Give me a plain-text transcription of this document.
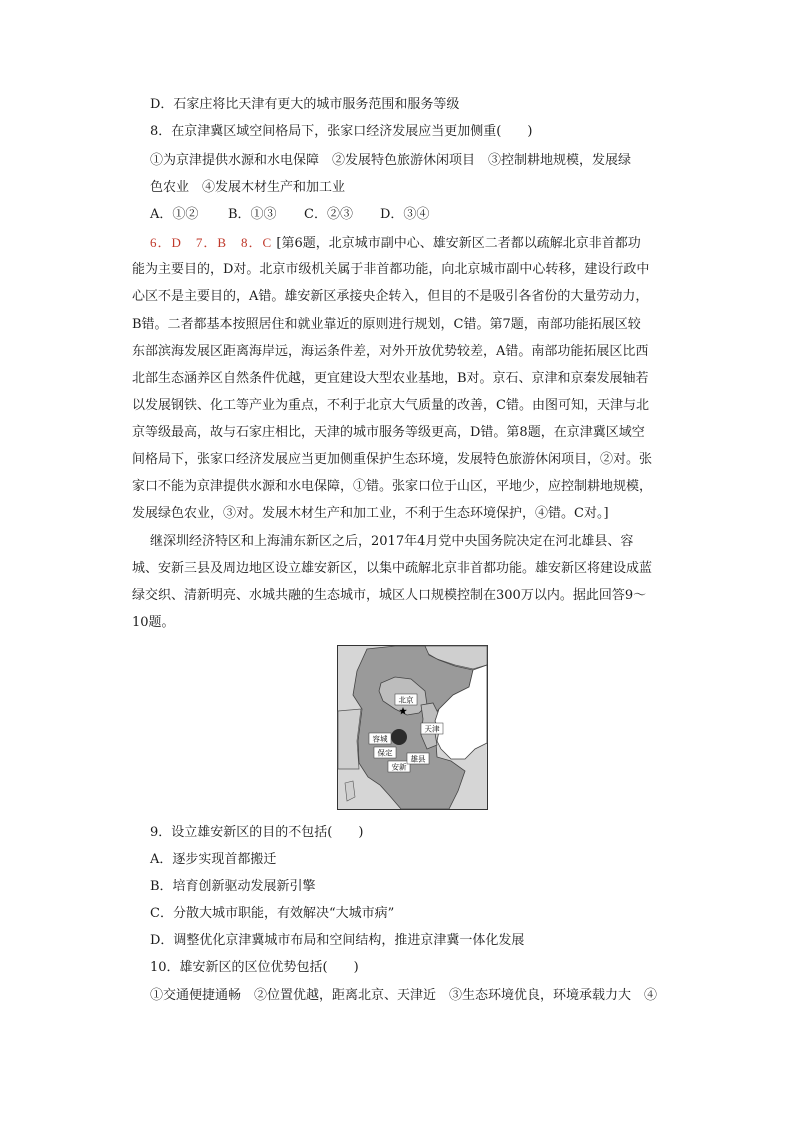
D．石家庄将比天津有更大的城市服务范围和服务等级
8．在京津冀区域空间格局下，张家口经济发展应当更加侧重(　　)
①为京津提供水源和水电保障　②发展特色旅游休闲项目　③控制耕地规模，发展绿
色农业　④发展木材生产和加工业
A．①② B．①③ C．②③ D．③④
6．D　7．B　8．C [第6题，北京城市副中心、雄安新区二者都以疏解北京非首都功
能为主要目的，D对。北京市级机关属于非首都功能，向北京城市副中心转移，建设行政中
心区不是主要目的，A错。雄安新区承接央企转入，但目的不是吸引各省份的大量劳动力，
B错。二者都基本按照居住和就业靠近的原则进行规划，C错。第7题，南部功能拓展区较
东部滨海发展区距离海岸远，海运条件差，对外开放优势较差，A错。南部功能拓展区比西
北部生态涵养区自然条件优越，更宜建设大型农业基地，B对。京石、京津和京秦发展轴若
以发展钢铁、化工等产业为重点，不利于北京大气质量的改善，C错。由图可知，天津与北
京等级最高，故与石家庄相比，天津的城市服务等级更高，D错。第8题，在京津冀区域空
间格局下，张家口经济发展应当更加侧重保护生态环境，发展特色旅游休闲项目，②对。张
家口不能为京津提供水源和水电保障，①错。张家口位于山区，平地少，应控制耕地规模，
发展绿色农业，③对。发展木材生产和加工业，不利于生态环境保护，④错。C对。]
继深圳经济特区和上海浦东新区之后，2017年4月党中央国务院决定在河北雄县、容
城、安新三县及周边地区设立雄安新区，以集中疏解北京非首都功能。雄安新区将建设成蓝
绿交织、清新明亮、水城共融的生态城市，城区人口规模控制在300万以内。据此回答9～
10题。
北京
天津
容城
保定
安新
雄县
9．设立雄安新区的目的不包括(　　)
A．逐步实现首都搬迁
B．培育创新驱动发展新引擎
C．分散大城市职能，有效解决“大城市病”
D．调整优化京津冀城市布局和空间结构，推进京津冀一体化发展
10．雄安新区的区位优势包括(　　)
①交通便捷通畅　②位置优越，距离北京、天津近　③生态环境优良，环境承载力大　④
